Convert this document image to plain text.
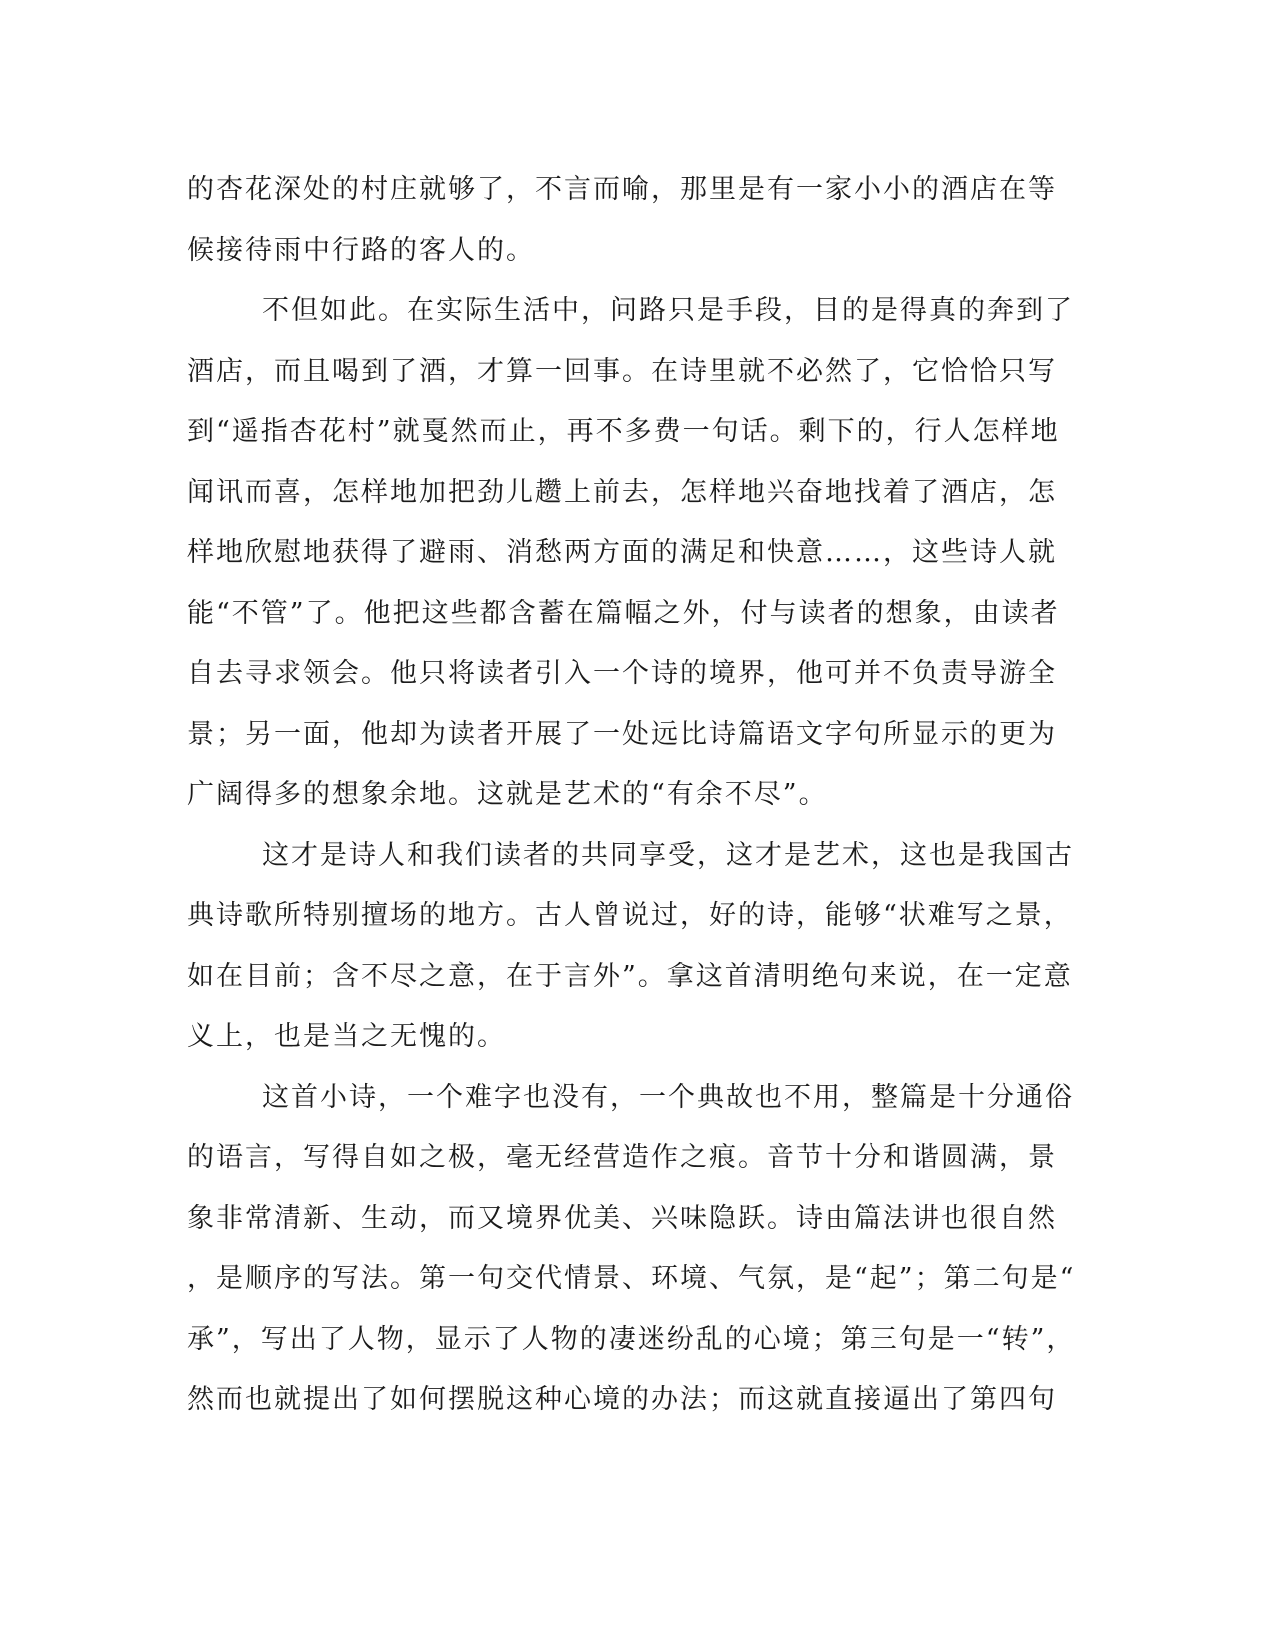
的杏花深处的村庄就够了，不言而喻，那里是有一家小小的酒店在等
候接待雨中行路的客人的。
不但如此。在实际生活中，问路只是手段，目的是得真的奔到了
酒店，而且喝到了酒，才算一回事。在诗里就不必然了，它恰恰只写
到“遥指杏花村”就戛然而止，再不多费一句话。剩下的，行人怎样地
闻讯而喜，怎样地加把劲儿趱上前去，怎样地兴奋地找着了酒店，怎
样地欣慰地获得了避雨、消愁两方面的满足和快意……，这些诗人就
能“不管”了。他把这些都含蓄在篇幅之外，付与读者的想象，由读者
自去寻求领会。他只将读者引入一个诗的境界，他可并不负责导游全
景；另一面，他却为读者开展了一处远比诗篇语文字句所显示的更为
广阔得多的想象余地。这就是艺术的“有余不尽”。
这才是诗人和我们读者的共同享受，这才是艺术，这也是我国古
典诗歌所特别擅场的地方。古人曾说过，好的诗，能够“状难写之景，
如在目前；含不尽之意，在于言外”。拿这首清明绝句来说，在一定意
义上，也是当之无愧的。
这首小诗，一个难字也没有，一个典故也不用，整篇是十分通俗
的语言，写得自如之极，毫无经营造作之痕。音节十分和谐圆满，景
象非常清新、生动，而又境界优美、兴味隐跃。诗由篇法讲也很自然
，是顺序的写法。第一句交代情景、环境、气氛，是“起”；第二句是“
承”，写出了人物，显示了人物的凄迷纷乱的心境；第三句是一“转”，
然而也就提出了如何摆脱这种心境的办法；而这就直接逼出了第四句
